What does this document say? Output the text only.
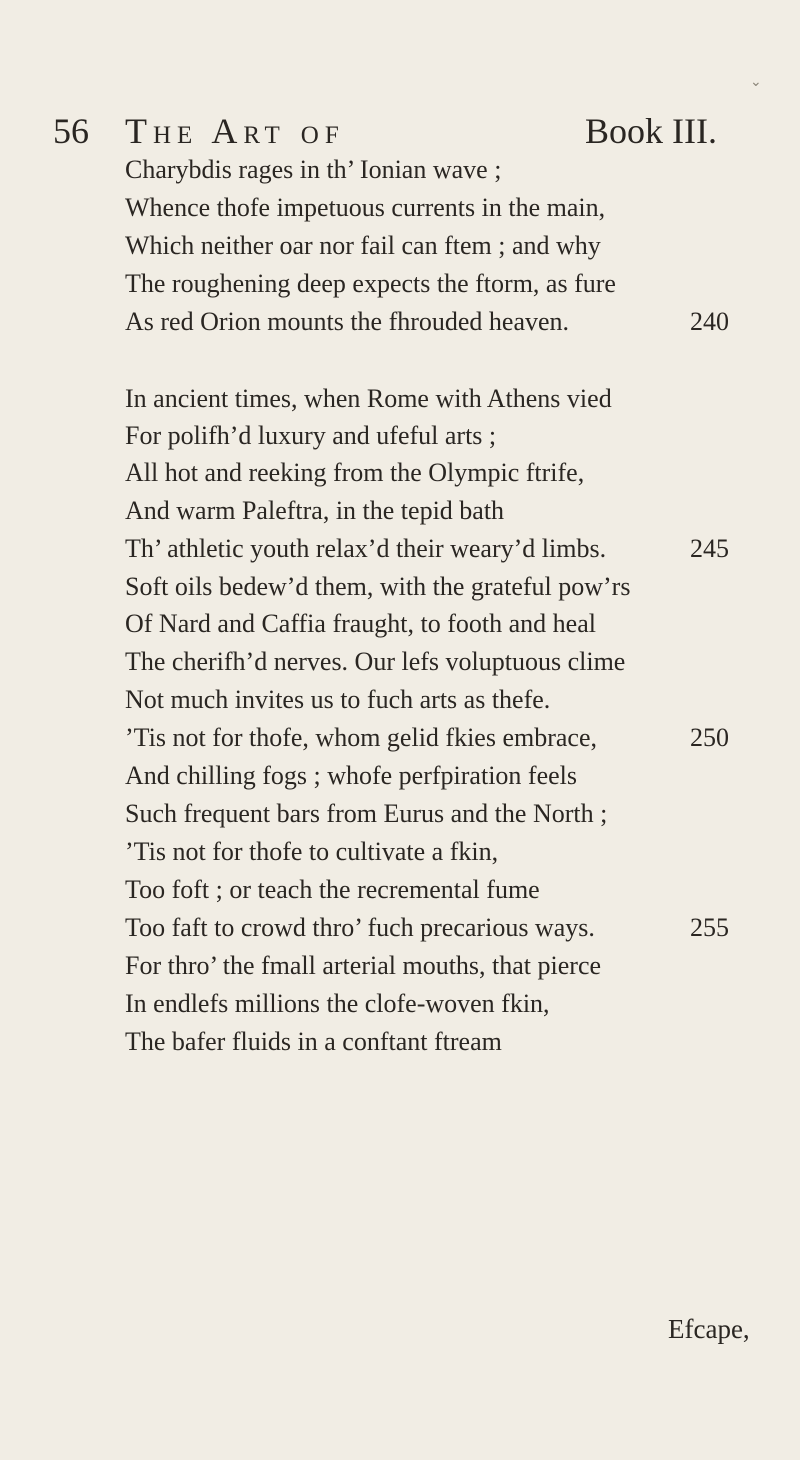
⌄
56 The Art of	Book III.
Charybdis rages in th’ Ionian wave ;
Whence thofe impetuous currents in the main,
Which neither oar nor fail can ftem ; and why
The roughening deep expects the ftorm, as fure
As red Orion mounts the fhrouded heaven.	240
In ancient times, when Rome with Athens vied
For polifh’d luxury and ufeful arts ;
All hot and reeking from the Olympic ftrife,
And warm Paleftra, in the tepid bath
Th’ athletic youth relax’d their weary’d limbs.	245
Soft oils bedew’d them, with the grateful pow’rs
Of Nard and Caffia fraught, to footh and heal
The cherifh’d nerves. Our lefs voluptuous clime
Not much invites us to fuch arts as thefe.
’Tis not for thofe, whom gelid fkies embrace,	250
And chilling fogs ; whofe perfpiration feels
Such frequent bars from Eurus and the North ;
’Tis not for thofe to cultivate a fkin,
Too foft ; or teach the recremental fume
Too faft to crowd thro’ fuch precarious ways.	255
For thro’ the fmall arterial mouths, that pierce
In endlefs millions the clofe-woven fkin,
The bafer fluids in a conftant ftream
Efcape,
